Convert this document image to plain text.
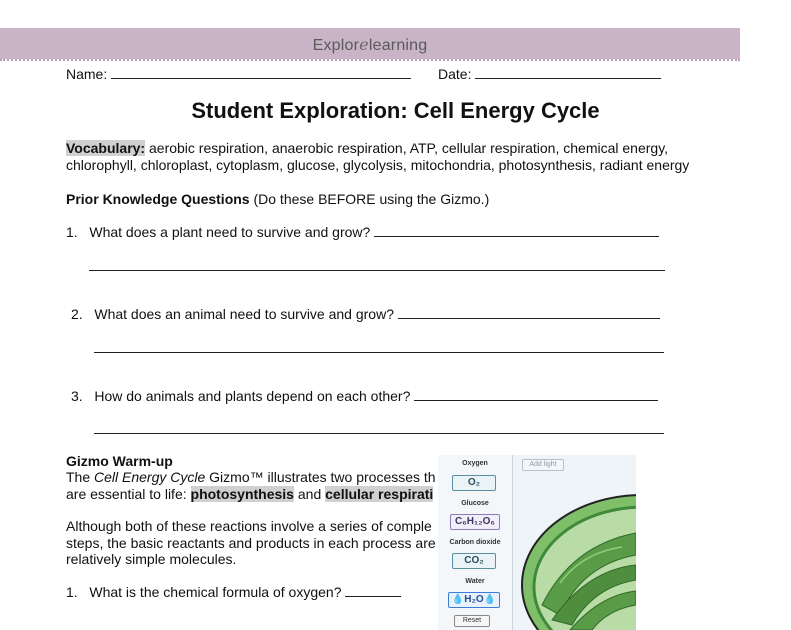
Explorelearning
Name:	Date:
Student Exploration: Cell Energy Cycle
Vocabulary: aerobic respiration, anaerobic respiration, ATP, cellular respiration, chemical energy,
chlorophyll, chloroplast, cytoplasm, glucose, glycolysis, mitochondria, photosynthesis, radiant energy
Prior Knowledge Questions (Do these BEFORE using the Gizmo.)
1. What does a plant need to survive and grow?
2. What does an animal need to survive and grow?
3. How do animals and plants depend on each other?
Gizmo Warm-up
The Cell Energy Cycle Gizmo™ illustrates two processes th
are essential to life: photosynthesis and cellular respirati
Although both of these reactions involve a series of comple
steps, the basic reactants and products in each process are
relatively simple molecules.
1. What is the chemical formula of oxygen?
Oxygen
O₂
Glucose
C₆H₁₂O₆
Carbon dioxide
CO₂
Water
💧H₂O💧
Reset
Add light
